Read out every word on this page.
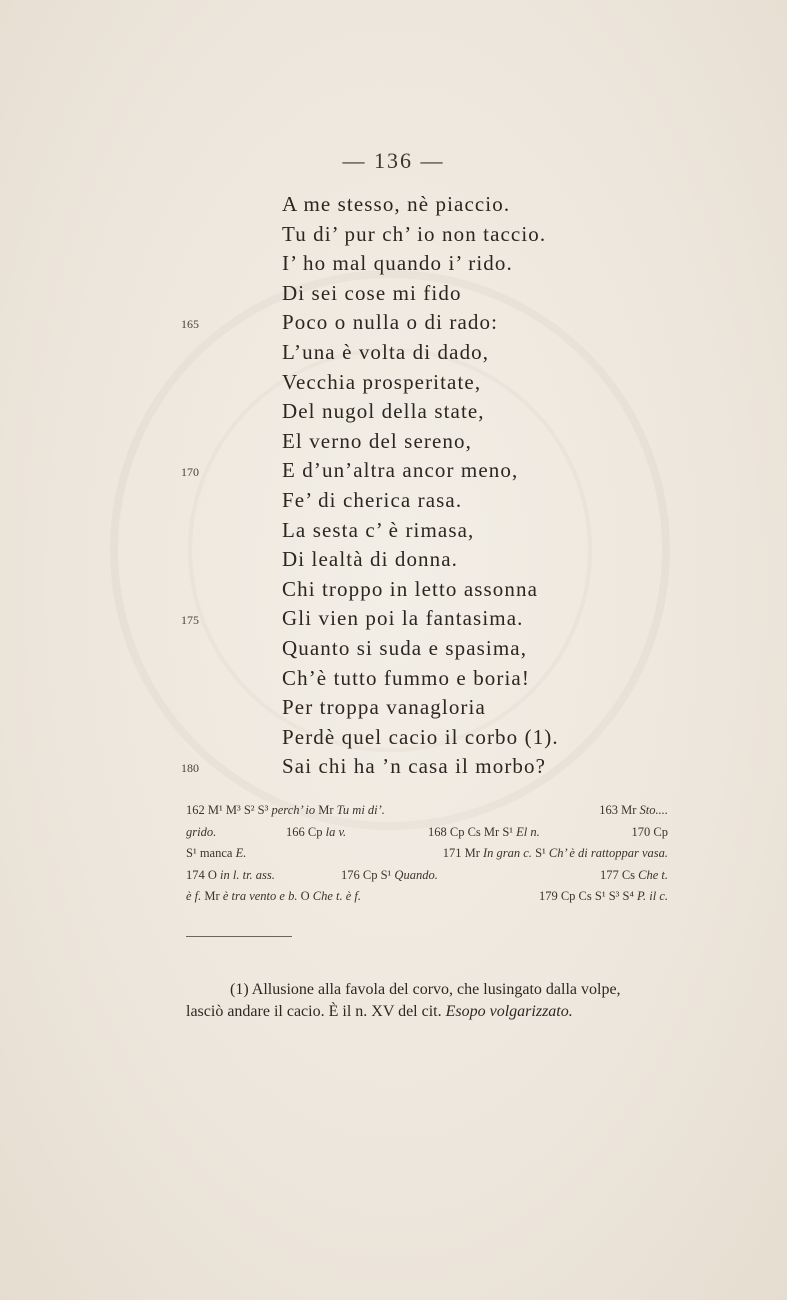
— 136 —
165
170
175
180
A me stesso, nè piaccio.
Tu di’ pur ch’ io non taccio.
I’ ho mal quando i’ rido.
Di sei cose mi fido
Poco o nulla o di rado:
L’una è volta di dado,
Vecchia prosperitate,
Del nugol della state,
El verno del sereno,
E d’un’altra ancor meno,
Fe’ di cherica rasa.
La sesta c’ è rimasa,
Di lealtà di donna.
Chi troppo in letto assonna
Gli vien poi la fantasima.
Quanto si suda e spasima,
Ch’è tutto fummo e boria!
Per troppa vanagloria
Perdè quel cacio il corbo (1).
Sai chi ha ’n casa il morbo?
162 M¹ M³ S² S³ perch’ io Mr Tu mi di’.	163 Mr Sto....
grido.	166 Cp la v.	168 Cp Cs Mr S¹ El n.	170 Cp
S¹ manca E.	171 Mr In gran c. S¹ Ch’ è di rattoppar vasa.
174 O in l. tr. ass.	176 Cp S¹ Quando.	177 Cs Che t.
è f. Mr è tra vento e b. O Che t. è f.	179 Cp Cs S¹ S³ S⁴ P. il c.
(1) Allusione alla favola del corvo, che lusingato dalla volpe,
lasciò andare il cacio. È il n. XV del cit. Esopo volgarizzato.
